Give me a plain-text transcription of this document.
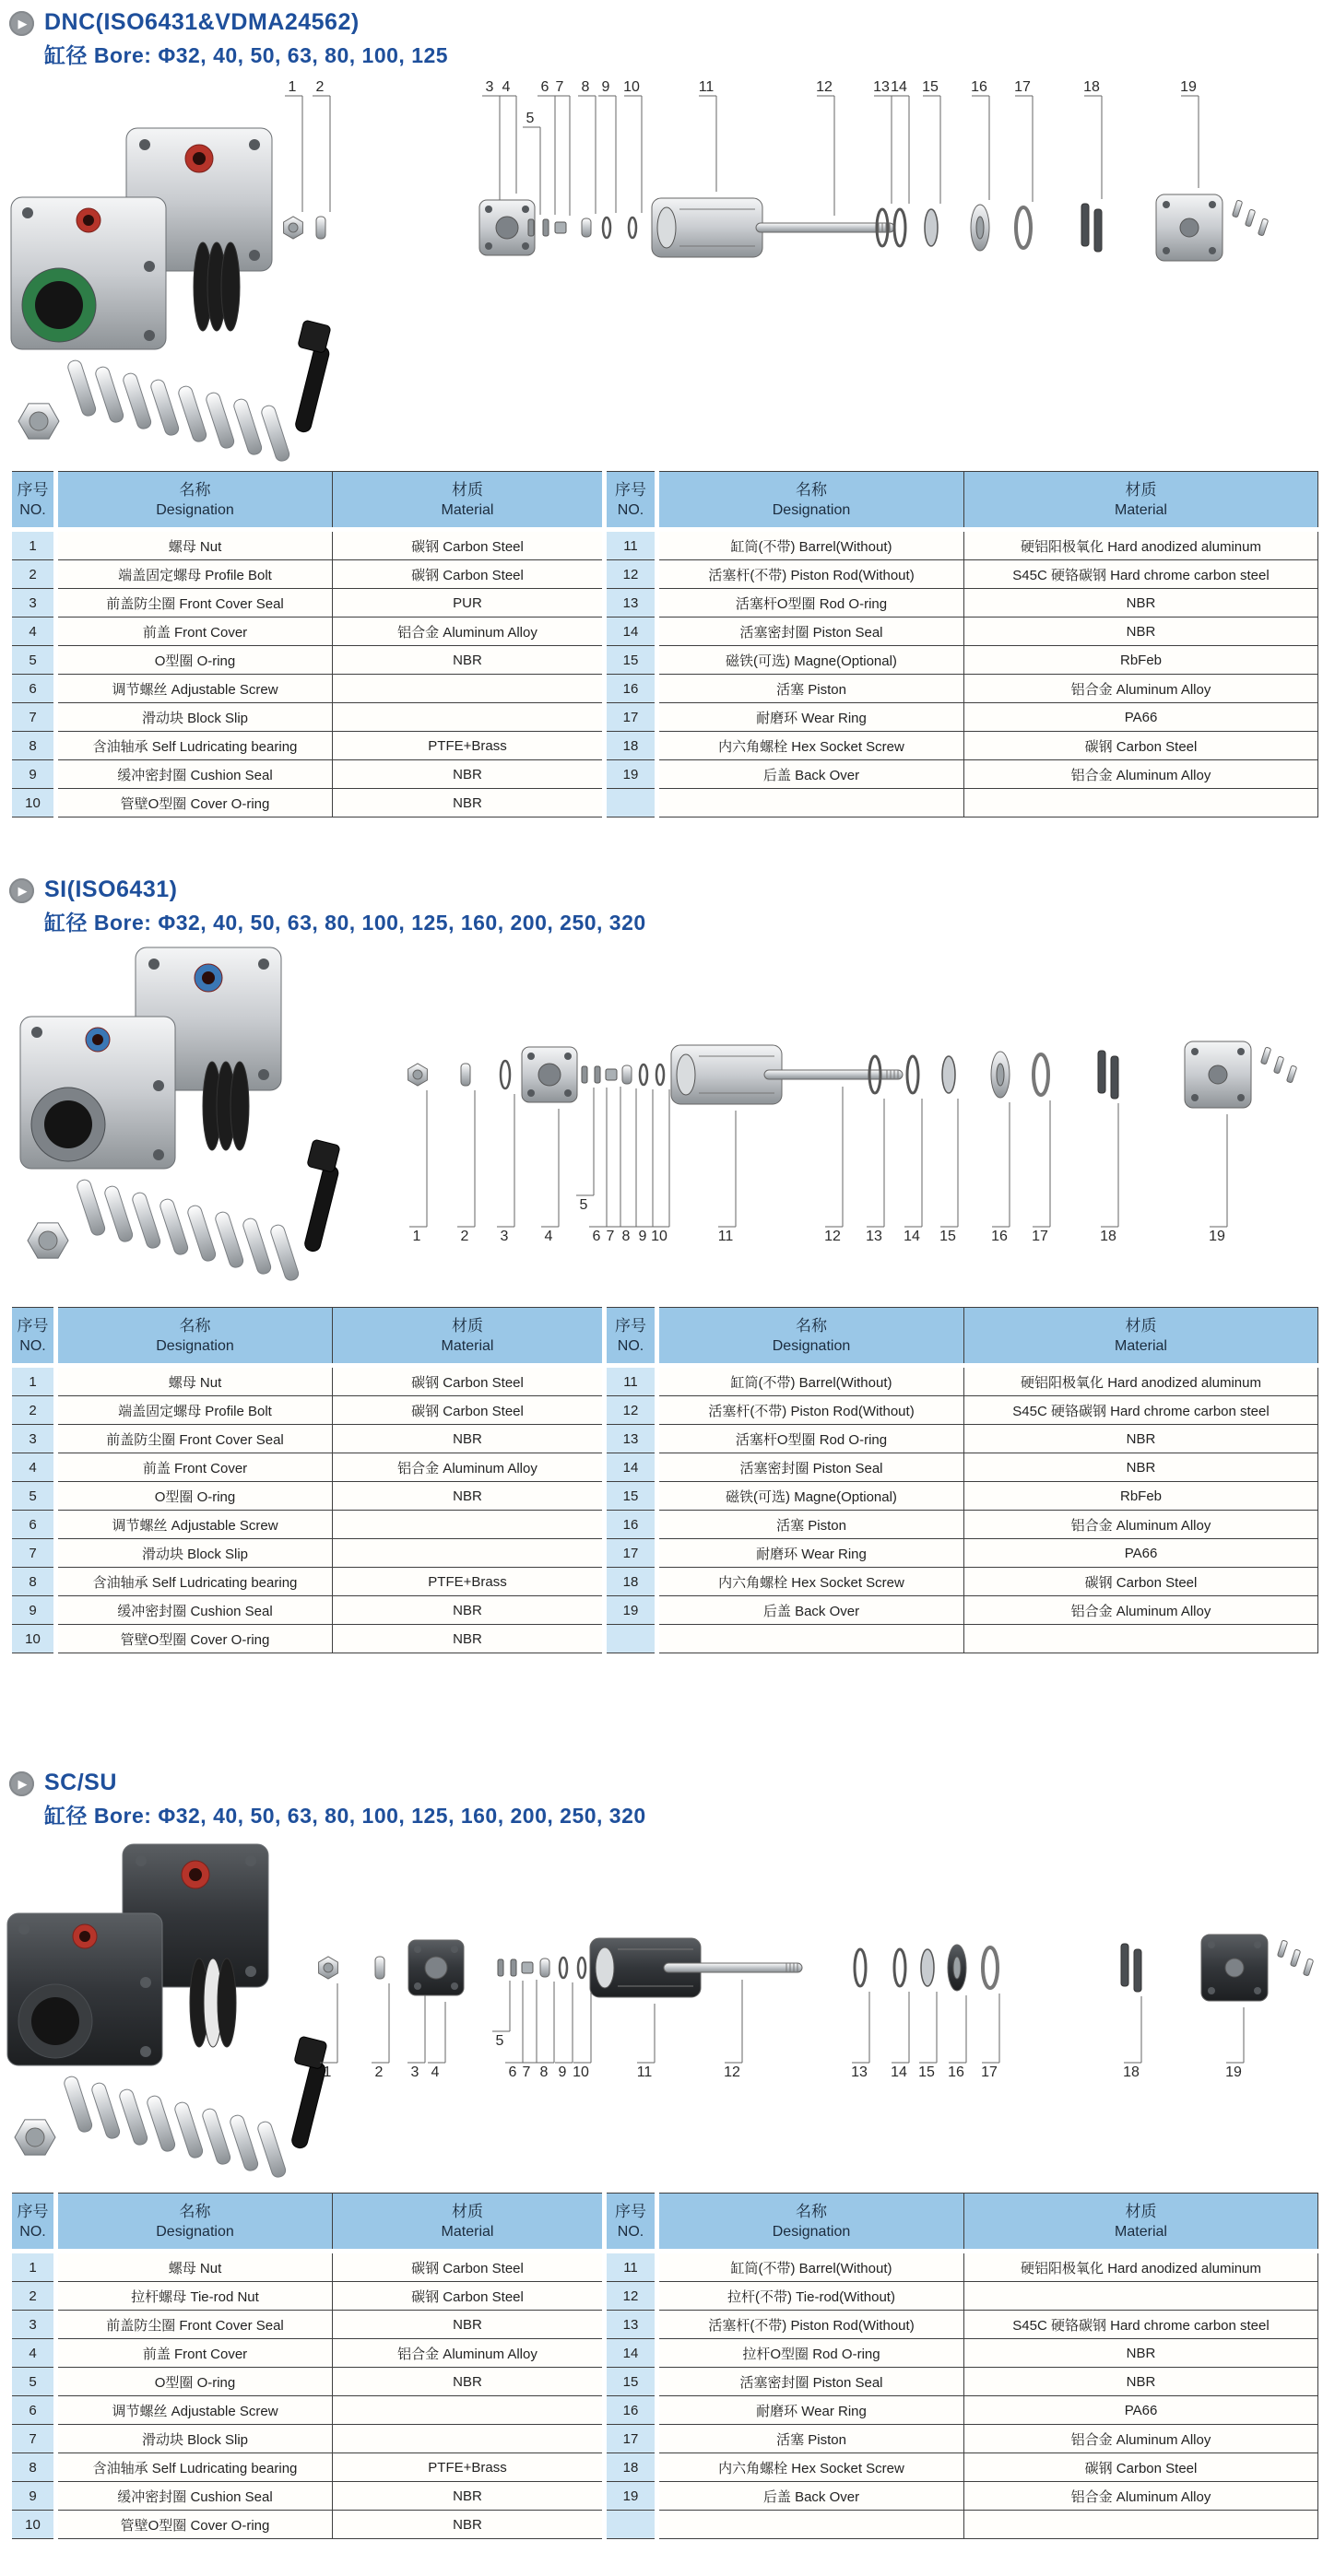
▶
DNC(ISO6431&VDMA24562)
缸径 Bore: Φ32, 40, 50, 63, 80, 100, 125
1 2	3 4
5
6 7 8 9 10	11	12	13 14 15 16 17	18	19
序号
NO.

名称
Designation

材质
Material

序号
NO.

名称
Designation

材质
Material

1	螺母 Nut	碳钢 Carbon Steel	11	缸筒(不带) Barrel(Without)	硬铝阳极氧化 Hard anodized aluminum
2	端盖固定螺母 Profile Bolt	碳钢 Carbon Steel	12	活塞杆(不带) Piston Rod(Without)	S45C 硬铬碳钢 Hard chrome carbon steel
3	前盖防尘圈 Front Cover Seal	PUR	13	活塞杆O型圈 Rod O-ring	NBR
4	前盖 Front Cover	铝合金 Aluminum Alloy	14	活塞密封圈 Piston Seal	NBR
5	O型圈 O-ring	NBR	15	磁铁(可选) Magne(Optional)	RbFeb
6	调节螺丝 Adjustable Screw		16	活塞 Piston	铝合金 Aluminum Alloy
7	滑动块 Block Slip		17	耐磨环 Wear Ring	PA66
8	含油轴承 Self Ludricating bearing	PTFE+Brass	18	内六角螺栓 Hex Socket Screw	碳钢 Carbon Steel
9	缓冲密封圈 Cushion Seal	NBR	19	后盖 Back Over	铝合金 Aluminum Alloy
10	管壁O型圈 Cover O-ring	NBR			
▶
SI(ISO6431)
缸径 Bore: Φ32, 40, 50, 63, 80, 100, 125, 160, 200, 250, 320
1	2 3 4
5
6 7 8 9 10	11	12 13 14 15 16 17	18	19
序号
NO.

名称
Designation

材质
Material

序号
NO.

名称
Designation

材质
Material

1	螺母 Nut	碳钢 Carbon Steel	11	缸筒(不带) Barrel(Without)	硬铝阳极氧化 Hard anodized aluminum
2	端盖固定螺母 Profile Bolt	碳钢 Carbon Steel	12	活塞杆(不带) Piston Rod(Without)	S45C 硬铬碳钢 Hard chrome carbon steel
3	前盖防尘圈 Front Cover Seal	NBR	13	活塞杆O型圈 Rod O-ring	NBR
4	前盖 Front Cover	铝合金 Aluminum Alloy	14	活塞密封圈 Piston Seal	NBR
5	O型圈 O-ring	NBR	15	磁铁(可选) Magne(Optional)	RbFeb
6	调节螺丝 Adjustable Screw		16	活塞 Piston	铝合金 Aluminum Alloy
7	滑动块 Block Slip		17	耐磨环 Wear Ring	PA66
8	含油轴承 Self Ludricating bearing	PTFE+Brass	18	内六角螺栓 Hex Socket Screw	碳钢 Carbon Steel
9	缓冲密封圈 Cushion Seal	NBR	19	后盖 Back Over	铝合金 Aluminum Alloy
10	管壁O型圈 Cover O-ring	NBR			
▶
SC/SU
缸径 Bore: Φ32, 40, 50, 63, 80, 100, 125, 160, 200, 250, 320
1	2 3 4
5
6 7 8 9 10	11	12	13 14 15 16 17	18	19
序号
NO.

名称
Designation

材质
Material

序号
NO.

名称
Designation

材质
Material

1	螺母 Nut	碳钢 Carbon Steel	11	缸筒(不带) Barrel(Without)	硬铝阳极氧化 Hard anodized aluminum
2	拉杆螺母 Tie-rod Nut	碳钢 Carbon Steel	12	拉杆(不带) Tie-rod(Without)	
3	前盖防尘圈 Front Cover Seal	NBR	13	活塞杆(不带) Piston Rod(Without)	S45C 硬铬碳钢 Hard chrome carbon steel
4	前盖 Front Cover	铝合金 Aluminum Alloy	14	拉杆O型圈 Rod O-ring	NBR
5	O型圈 O-ring	NBR	15	活塞密封圈 Piston Seal	NBR
6	调节螺丝 Adjustable Screw		16	耐磨环 Wear Ring	PA66
7	滑动块 Block Slip		17	活塞 Piston	铝合金 Aluminum Alloy
8	含油轴承 Self Ludricating bearing	PTFE+Brass	18	内六角螺栓 Hex Socket Screw	碳钢 Carbon Steel
9	缓冲密封圈 Cushion Seal	NBR	19	后盖 Back Over	铝合金 Aluminum Alloy
10	管壁O型圈 Cover O-ring	NBR			
